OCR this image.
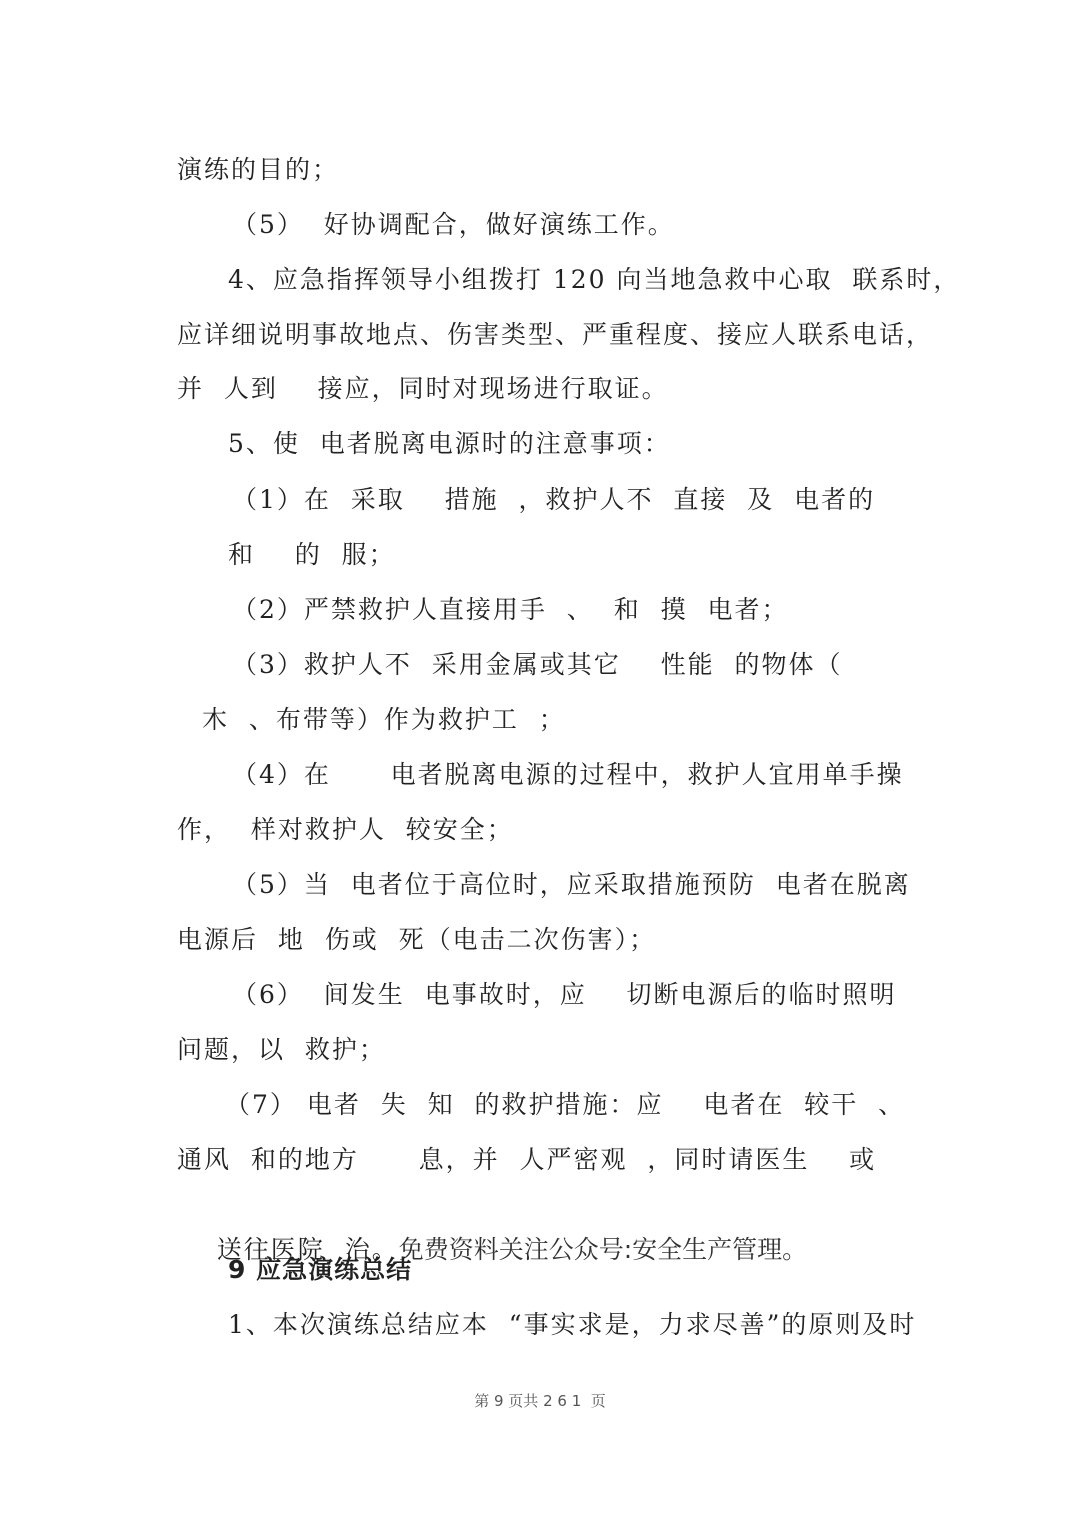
演练的目的；
（5）  好协调配合，做好演练工作。
4、应急指挥领导小组拨打 120 向当地急救中心取  联系时，
应详细说明事故地点、伤害类型、严重程度、接应人联系电话，
并  人到    接应，同时对现场进行取证。
5、使  电者脱离电源时的注意事项：
（1）在  采取    措施  ，救护人不  直接  及  电者的
和    的  服；
（2）严禁救护人直接用手  、  和  摸  电者；
（3）救护人不  采用金属或其它    性能  的物体（
木  、布带等）作为救护工  ；
（4）在      电者脱离电源的过程中，救护人宜用单手操
作，  样对救护人  较安全；
（5）当  电者位于高位时，应采取措施预防  电者在脱离
电源后  地  伤或  死（电击二次伤害）；
（6）  间发生  电事故时，应    切断电源后的临时照明
问题，以  救护；
（7） 电者  失  知  的救护措施：应    电者在  较干  、
通风  和的地方      息，并  人严密观  ，同时请医生    或

送往医院  治。免费资料关注公众号:安全生产管理。

9 应急演练总结
1、本次演练总结应本  “事实求是，力求尽善”的原则及时
第 9 页共 2 6 1  页
